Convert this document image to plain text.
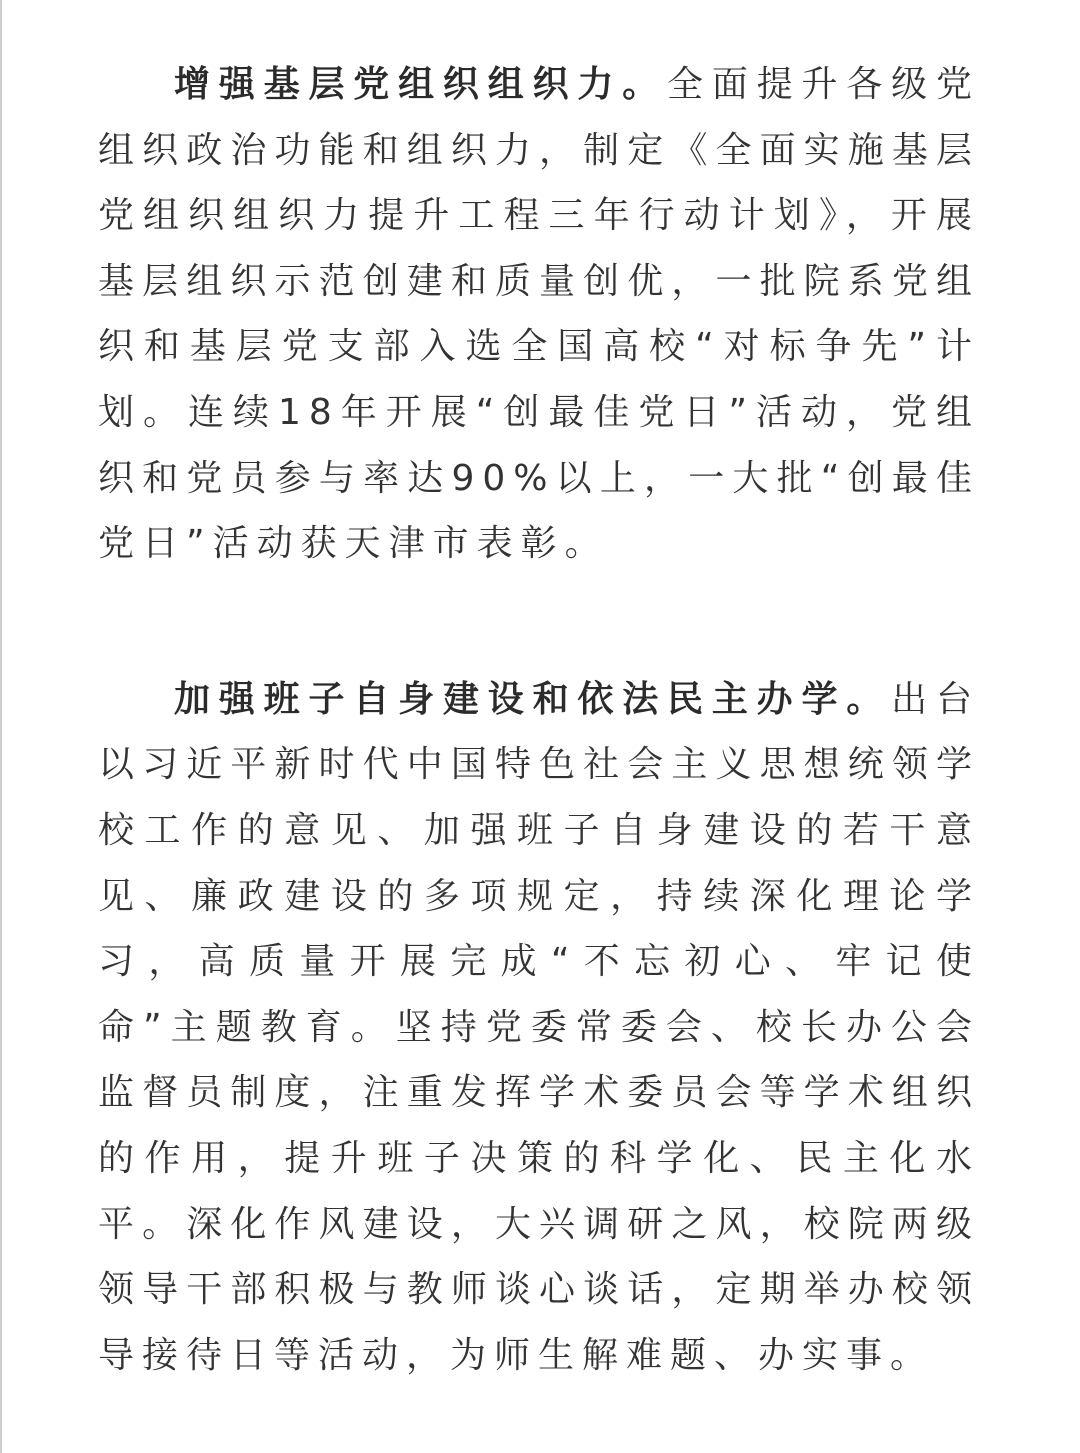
增强基层党组织组织力。全面提升各级党组织政治功能和组织力，制定《全面实施基层党组织组织力提升工程三年行动计划》，开展基层组织示范创建和质量创优，一批院系党组织和基层党支部入选全国高校“对标争先”计划。连续18年开展“创最佳党日”活动，党组织和党员参与率达90%以上，一大批“创最佳党日”活动获天津市表彰。

加强班子自身建设和依法民主办学。出台以习近平新时代中国特色社会主义思想统领学校工作的意见、加强班子自身建设的若干意见、廉政建设的多项规定，持续深化理论学习，高质量开展完成“不忘初心、牢记使命”主题教育。坚持党委常委会、校长办公会监督员制度，注重发挥学术委员会等学术组织的作用，提升班子决策的科学化、民主化水平。深化作风建设，大兴调研之风，校院两级领导干部积极与教师谈心谈话，定期举办校领导接待日等活动，为师生解难题、办实事。
